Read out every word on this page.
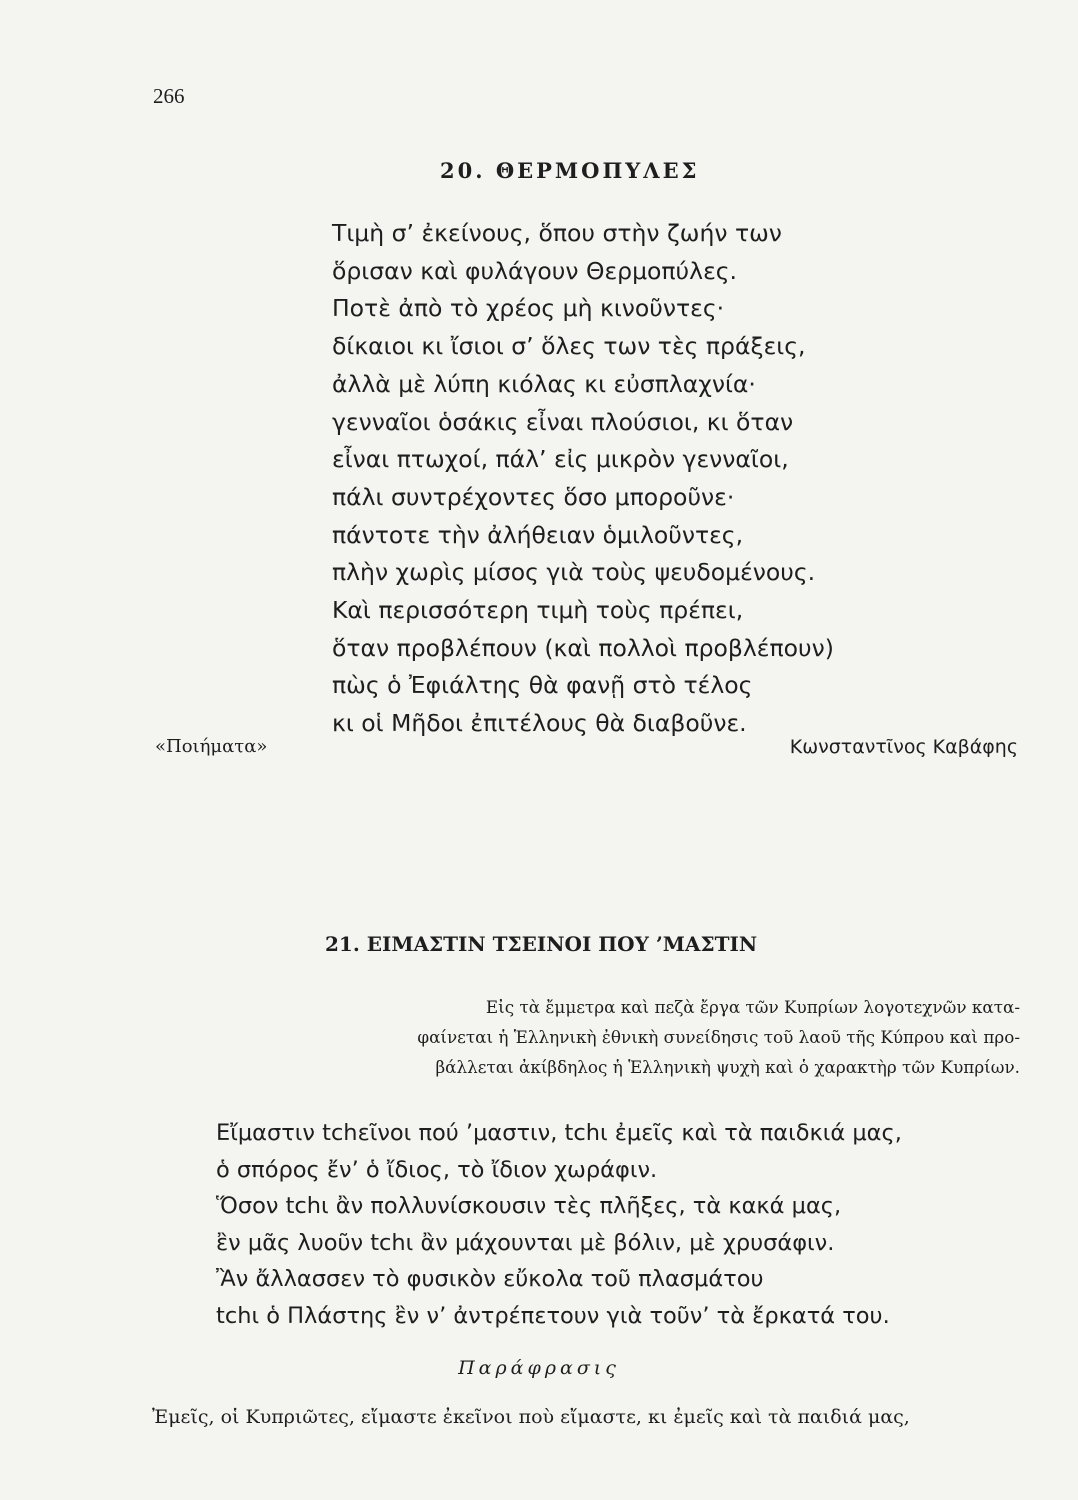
266
20. ΘΕΡΜΟΠΥΛΕΣ
Τιμὴ σ’ ἐκείνους, ὅπου στὴν ζωήν των
ὅρισαν καὶ φυλάγουν Θερμοπύλες.
Ποτὲ ἀπὸ τὸ χρέος μὴ κινοῦντες·
δίκαιοι κι ἴσιοι σ’ ὅλες των τὲς πράξεις,
ἀλλὰ μὲ λύπη κιόλας κι εὐσπλαχνία·
γενναῖοι ὁσάκις εἶναι πλούσιοι, κι ὅταν
εἶναι πτωχοί, πάλ’ εἰς μικρὸν γενναῖοι,
πάλι συντρέχοντες ὅσο μποροῦνε·
πάντοτε τὴν ἀλήθειαν ὁμιλοῦντες,
πλὴν χωρὶς μίσος γιὰ τοὺς ψευδομένους.
Καὶ περισσότερη τιμὴ τοὺς πρέπει,
ὅταν προβλέπουν (καὶ πολλοὶ προβλέπουν)
πὼς ὁ Ἐφιάλτης θὰ φανῇ στὸ τέλος
κι οἱ Μῆδοι ἐπιτέλους θὰ διαβοῦνε.
«Ποιήματα»	Κωνσταντῖνος Καβάφης
21. ΕΙΜΑΣΤΙΝ ΤΣΕΙΝΟΙ ΠΟΥ ’ΜΑΣΤΙΝ
Εἰς τὰ ἔμμετρα καὶ πεζὰ ἔργα τῶν Κυπρίων λογοτεχνῶν κατα-
φαίνεται ἡ Ἑλληνικὴ ἐθνικὴ συνείδησις τοῦ λαοῦ τῆς Κύπρου καὶ προ-
βάλλεται ἀκίβδηλος ἡ Ἑλληνικὴ ψυχὴ καὶ ὁ χαρακτὴρ τῶν Κυπρίων.
Εἴμαστιν tchεῖνοι πού ’μαστιν, tchι ἐμεῖς καὶ τὰ παιδκιά μας,
ὁ σπόρος ἔν’ ὁ ἴδιος, τὸ ἴδιον χωράφιν.
Ὅσον tchι ἂν πολλυνίσκουσιν τὲς πλῆξες, τὰ κακά μας,
ἒν μᾶς λυοῦν tchι ἂν μάχουνται μὲ βόλιν, μὲ χρυσάφιν.
Ἂν ἄλλασσεν τὸ φυσικὸν εὔκολα τοῦ πλασμάτου
tchι ὁ Πλάστης ἒν ν’ ἀντρέπετουν γιὰ τοῦν’ τὰ ἔρκατά του.
Παράφρασις
Ἐμεῖς, οἱ Κυπριῶτες, εἴμαστε ἐκεῖνοι ποὺ εἴμαστε, κι ἐμεῖς καὶ τὰ παιδιά μας,
